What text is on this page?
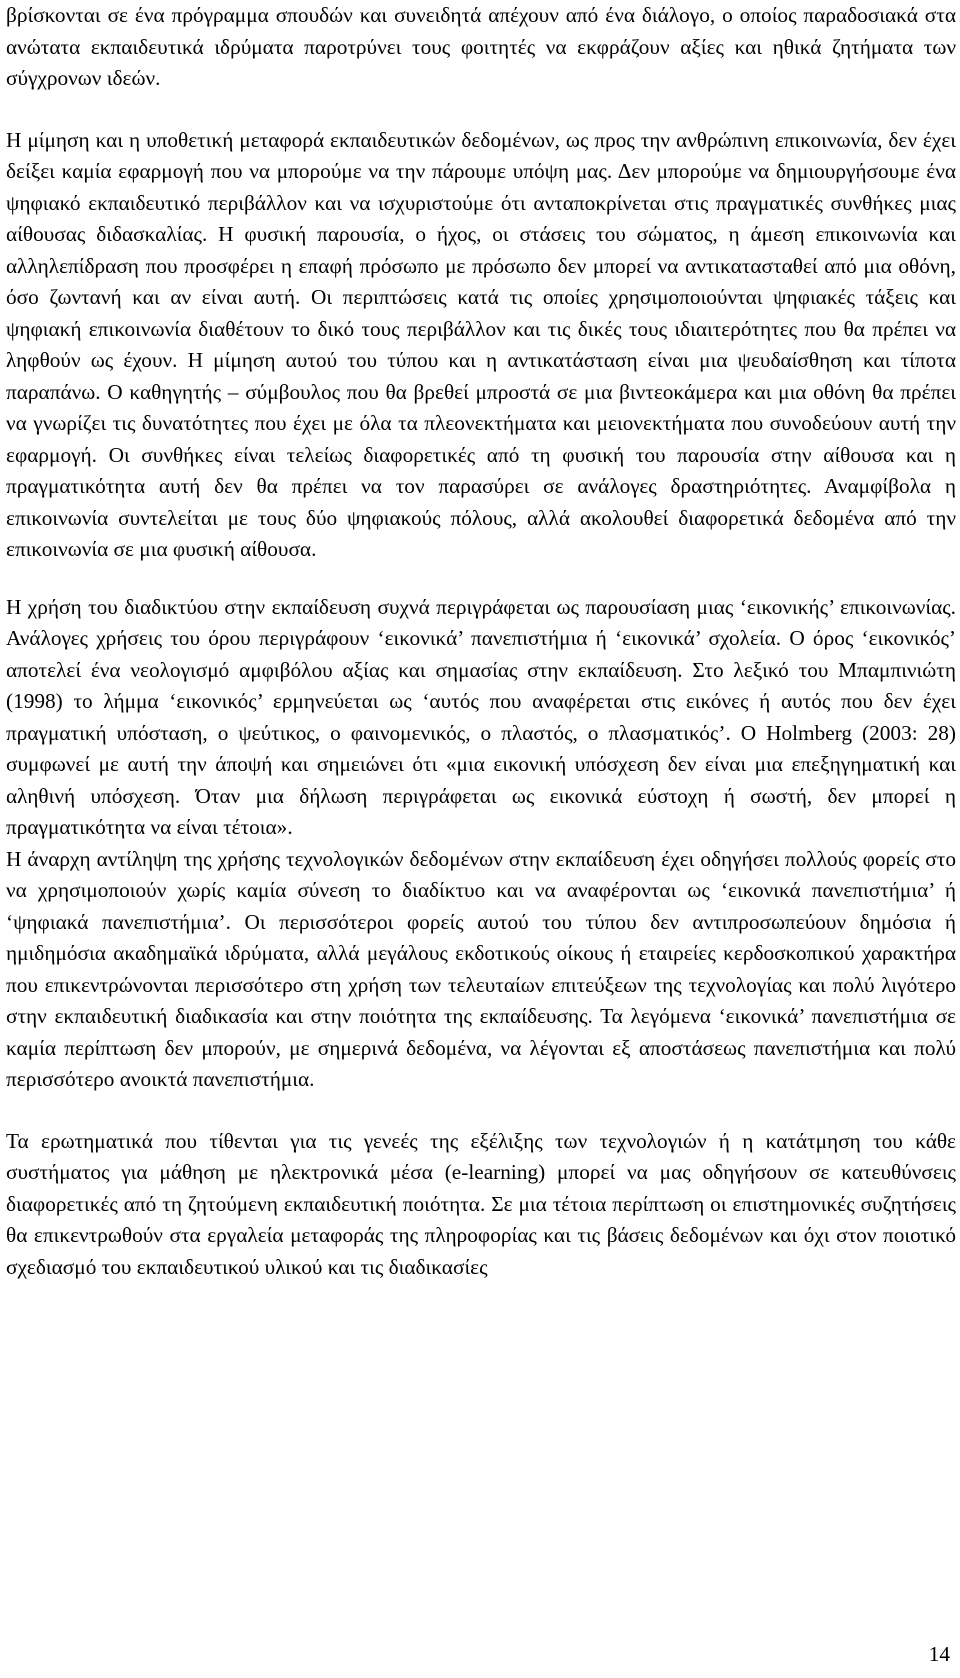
βρίσκονται σε ένα πρόγραμμα σπουδών και συνειδητά απέχουν από ένα διάλογο, ο οποίος παραδοσιακά στα ανώτατα εκπαιδευτικά ιδρύματα παροτρύνει τους φοιτητές να εκφράζουν αξίες και ηθικά ζητήματα των σύγχρονων ιδεών.

Η μίμηση και η υποθετική μεταφορά εκπαιδευτικών δεδομένων, ως προς την ανθρώπινη επικοινωνία, δεν έχει δείξει καμία εφαρμογή που να μπορούμε να την πάρουμε υπόψη μας. Δεν μπορούμε να δημιουργήσουμε ένα ψηφιακό εκπαιδευτικό περιβάλλον και να ισχυριστούμε ότι ανταποκρίνεται στις πραγματικές συνθήκες μιας αίθουσας διδασκαλίας. Η φυσική παρουσία, ο ήχος, οι στάσεις του σώματος, η άμεση επικοινωνία και αλληλεπίδραση που προσφέρει η επαφή πρόσωπο με πρόσωπο δεν μπορεί να αντικατασταθεί από μια οθόνη, όσο ζωντανή και αν είναι αυτή. Οι περιπτώσεις κατά τις οποίες χρησιμοποιούνται ψηφιακές τάξεις και ψηφιακή επικοινωνία διαθέτουν το δικό τους περιβάλλον και τις δικές τους ιδιαιτερότητες που θα πρέπει να ληφθούν ως έχουν. Η μίμηση αυτού του τύπου και η αντικατάσταση είναι μια ψευδαίσθηση και τίποτα παραπάνω. Ο καθηγητής – σύμβουλος που θα βρεθεί μπροστά σε μια βιντεοκάμερα και μια οθόνη θα πρέπει να γνωρίζει τις δυνατότητες που έχει με όλα τα πλεονεκτήματα και μειονεκτήματα που συνοδεύουν αυτή την εφαρμογή. Οι συνθήκες είναι τελείως διαφορετικές από τη φυσική του παρουσία στην αίθουσα και η πραγματικότητα αυτή δεν θα πρέπει να τον παρασύρει σε ανάλογες δραστηριότητες. Αναμφίβολα η επικοινωνία συντελείται με τους δύο ψηφιακούς πόλους, αλλά ακολουθεί διαφορετικά δεδομένα από την επικοινωνία σε μια φυσική αίθουσα.

Η χρήση του διαδικτύου στην εκπαίδευση συχνά περιγράφεται ως παρουσίαση μιας ‘εικονικής’ επικοινωνίας. Ανάλογες χρήσεις του όρου περιγράφουν ‘εικονικά’ πανεπιστήμια ή ‘εικονικά’ σχολεία. Ο όρος ‘εικονικός’ αποτελεί ένα νεολογισμό αμφιβόλου αξίας και σημασίας στην εκπαίδευση. Στο λεξικό του Μπαμπινιώτη (1998) το λήμμα ‘εικονικός’ ερμηνεύεται ως ‘αυτός που αναφέρεται στις εικόνες ή αυτός που δεν έχει πραγματική υπόσταση, ο ψεύτικος, ο φαινομενικός, ο πλαστός, ο πλασματικός’. Ο Holmberg (2003: 28) συμφωνεί με αυτή την άποψή και σημειώνει ότι «μια εικονική υπόσχεση δεν είναι μια επεξηγηματική και αληθινή υπόσχεση. Όταν μια δήλωση περιγράφεται ως εικονικά εύστοχη ή σωστή, δεν μπορεί η πραγματικότητα να είναι τέτοια».

Η άναρχη αντίληψη της χρήσης τεχνολογικών δεδομένων στην εκπαίδευση έχει οδηγήσει πολλούς φορείς στο να χρησιμοποιούν χωρίς καμία σύνεση το διαδίκτυο και να αναφέρονται ως ‘εικονικά πανεπιστήμια’ ή ‘ψηφιακά πανεπιστήμια’. Οι περισσότεροι φορείς αυτού του τύπου δεν αντιπροσωπεύουν δημόσια ή ημιδημόσια ακαδημαϊκά ιδρύματα, αλλά μεγάλους εκδοτικούς οίκους ή εταιρείες κερδοσκοπικού χαρακτήρα που επικεντρώνονται περισσότερο στη χρήση των τελευταίων επιτεύξεων της τεχνολογίας και πολύ λιγότερο στην εκπαιδευτική διαδικασία και στην ποιότητα της εκπαίδευσης. Τα λεγόμενα ‘εικονικά’ πανεπιστήμια σε καμία περίπτωση δεν μπορούν, με σημερινά δεδομένα, να λέγονται εξ αποστάσεως πανεπιστήμια και πολύ περισσότερο ανοικτά πανεπιστήμια.

Τα ερωτηματικά που τίθενται για τις γενεές της εξέλιξης των τεχνολογιών ή η κατάτμηση του κάθε συστήματος για μάθηση με ηλεκτρονικά μέσα (e-learning) μπορεί να μας οδηγήσουν σε κατευθύνσεις διαφορετικές από τη ζητούμενη εκπαιδευτική ποιότητα. Σε μια τέτοια περίπτωση οι επιστημονικές συζητήσεις θα επικεντρωθούν στα εργαλεία μεταφοράς της πληροφορίας και τις βάσεις δεδομένων και όχι στον ποιοτικό σχεδιασμό του εκπαιδευτικού υλικού και τις διαδικασίες

14
